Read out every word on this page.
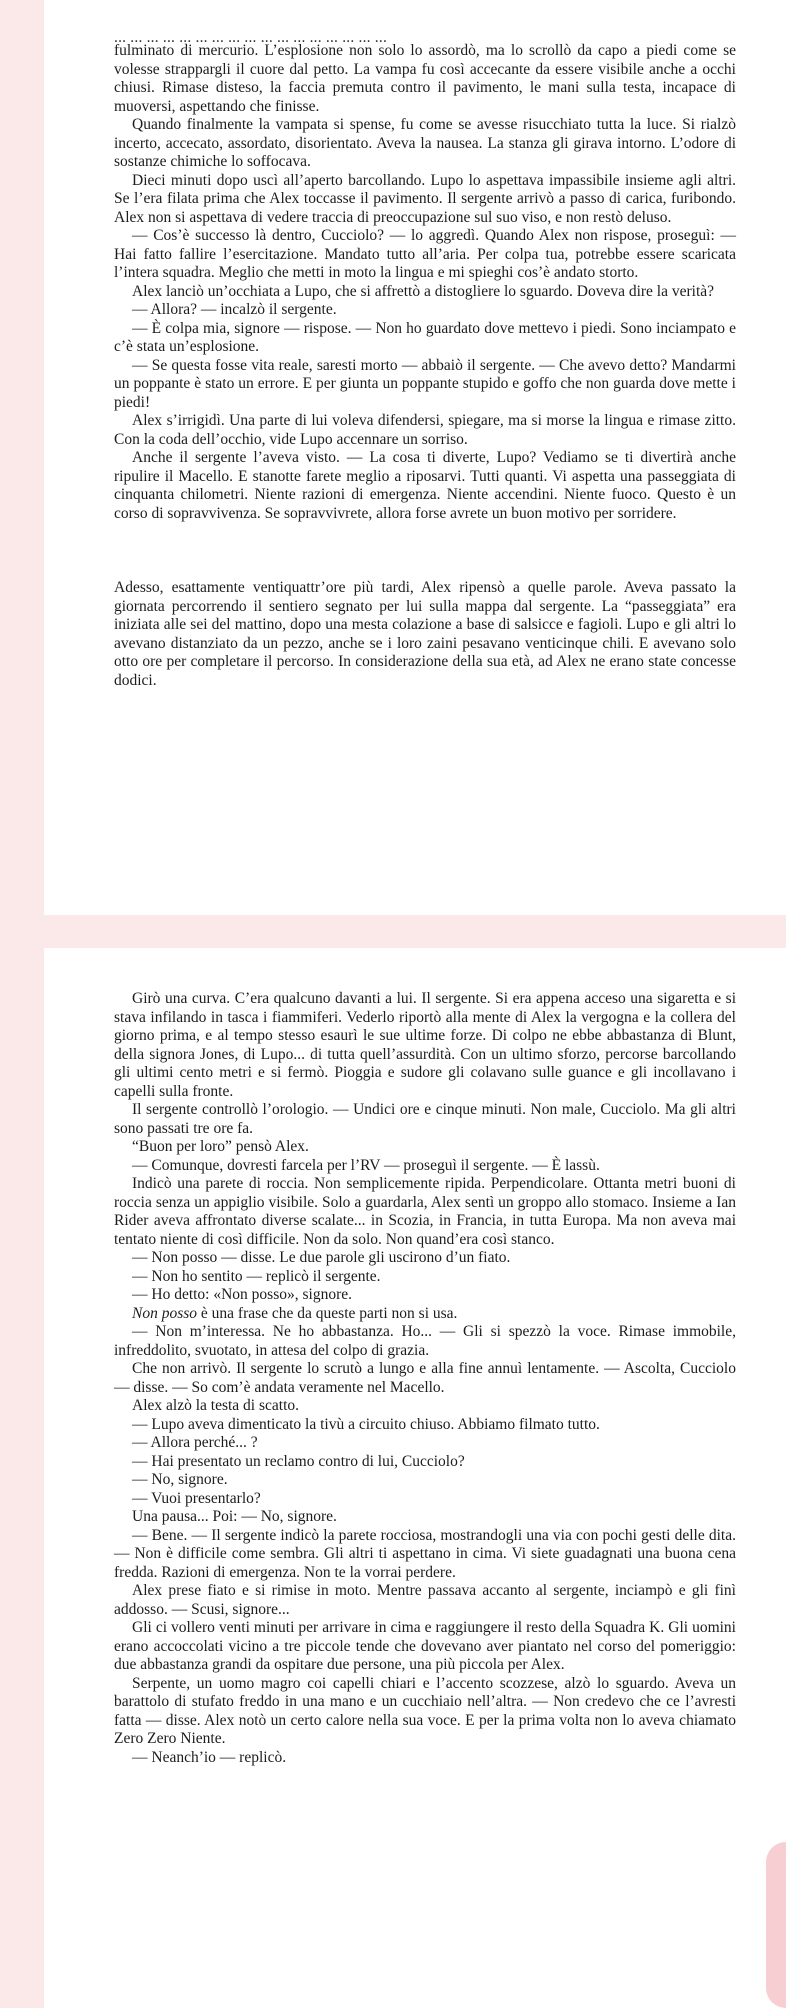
... ... ... ... ... ... ... ... ... ... ... ... ... ... ... ... ...

fulminato di mercurio. L’esplosione non solo lo assordò, ma lo scrollò da capo a piedi come se volesse strappargli il cuore dal petto. La vampa fu così accecante da essere visibile anche a occhi chiusi. Rimase disteso, la faccia premuta contro il pavimento, le mani sulla testa, incapace di muoversi, aspettando che finisse.

Quando finalmente la vampata si spense, fu come se avesse risucchiato tutta la luce. Si rialzò incerto, accecato, assordato, disorientato. Aveva la nausea. La stanza gli girava intorno. L’odore di sostanze chimiche lo soffocava.

Dieci minuti dopo uscì all’aperto barcollando. Lupo lo aspettava impassibile insieme agli altri. Se l’era filata prima che Alex toccasse il pavimento. Il sergente arrivò a passo di carica, furibondo. Alex non si aspettava di vedere traccia di preoccupazione sul suo viso, e non restò deluso.

— Cos’è successo là dentro, Cucciolo? — lo aggredì. Quando Alex non rispose, proseguì: — Hai fatto fallire l’esercitazione. Mandato tutto all’aria. Per colpa tua, potrebbe essere scaricata l’intera squadra. Meglio che metti in moto la lingua e mi spieghi cos’è andato storto.

Alex lanciò un’occhiata a Lupo, che si affrettò a distogliere lo sguardo. Doveva dire la verità?

— Allora? — incalzò il sergente.

— È colpa mia, signore — rispose. — Non ho guardato dove mettevo i piedi. Sono inciampato e c’è stata un’esplosione.

— Se questa fosse vita reale, saresti morto — abbaiò il sergente. — Che avevo detto? Mandarmi un poppante è stato un errore. E per giunta un poppante stupido e goffo che non guarda dove mette i piedi!

Alex s’irrigidì. Una parte di lui voleva difendersi, spiegare, ma si morse la lingua e rimase zitto. Con la coda dell’occhio, vide Lupo accennare un sorriso.

Anche il sergente l’aveva visto. — La cosa ti diverte, Lupo? Vediamo se ti divertirà anche ripulire il Macello. E stanotte farete meglio a riposarvi. Tutti quanti. Vi aspetta una passeggiata di cinquanta chilometri. Niente razioni di emergenza. Niente accendini. Niente fuoco. Questo è un corso di sopravvivenza. Se sopravvivrete, allora forse avrete un buon motivo per sorridere.

Adesso, esattamente ventiquattr’ore più tardi, Alex ripensò a quelle parole. Aveva passato la giornata percorrendo il sentiero segnato per lui sulla mappa dal sergente. La “passeggiata” era iniziata alle sei del mattino, dopo una mesta colazione a base di salsicce e fagioli. Lupo e gli altri lo avevano distanziato da un pezzo, anche se i loro zaini pesavano venticinque chili. E avevano solo otto ore per completare il percorso. In considerazione della sua età, ad Alex ne erano state concesse dodici.

Girò una curva. C’era qualcuno davanti a lui. Il sergente. Si era appena acceso una sigaretta e si stava infilando in tasca i fiammiferi. Vederlo riportò alla mente di Alex la vergogna e la collera del giorno prima, e al tempo stesso esaurì le sue ultime forze. Di colpo ne ebbe abbastanza di Blunt, della signora Jones, di Lupo... di tutta quell’assurdità. Con un ultimo sforzo, percorse barcollando gli ultimi cento metri e si fermò. Pioggia e sudore gli colavano sulle guance e gli incollavano i capelli sulla fronte.

Il sergente controllò l’orologio. — Undici ore e cinque minuti. Non male, Cucciolo. Ma gli altri sono passati tre ore fa.

“Buon per loro” pensò Alex.

— Comunque, dovresti farcela per l’RV — proseguì il sergente. — È lassù.

Indicò una parete di roccia. Non semplicemente ripida. Perpendicolare. Ottanta metri buoni di roccia senza un appiglio visibile. Solo a guardarla, Alex sentì un groppo allo stomaco. Insieme a Ian Rider aveva affrontato diverse scalate... in Scozia, in Francia, in tutta Europa. Ma non aveva mai tentato niente di così difficile. Non da solo. Non quand’era così stanco.

— Non posso — disse. Le due parole gli uscirono d’un fiato.

— Non ho sentito — replicò il sergente.

— Ho detto: «Non posso», signore.

Non posso è una frase che da queste parti non si usa.

— Non m’interessa. Ne ho abbastanza. Ho... — Gli si spezzò la voce. Rimase immobile, infreddolito, svuotato, in attesa del colpo di grazia.

Che non arrivò. Il sergente lo scrutò a lungo e alla fine annuì lentamente. — Ascolta, Cucciolo — disse. — So com’è andata veramente nel Macello.

Alex alzò la testa di scatto.

— Lupo aveva dimenticato la tivù a circuito chiuso. Abbiamo filmato tutto.

— Allora perché... ?

— Hai presentato un reclamo contro di lui, Cucciolo?

— No, signore.

— Vuoi presentarlo?

Una pausa... Poi: — No, signore.

— Bene. — Il sergente indicò la parete rocciosa, mostrandogli una via con pochi gesti delle dita. — Non è difficile come sembra. Gli altri ti aspettano in cima. Vi siete guadagnati una buona cena fredda. Razioni di emergenza. Non te la vorrai perdere.

Alex prese fiato e si rimise in moto. Mentre passava accanto al sergente, inciampò e gli finì addosso. — Scusi, signore...

Gli ci vollero venti minuti per arrivare in cima e raggiungere il resto della Squadra K. Gli uomini erano accoccolati vicino a tre piccole tende che dovevano aver piantato nel corso del pomeriggio: due abbastanza grandi da ospitare due persone, una più piccola per Alex.

Serpente, un uomo magro coi capelli chiari e l’accento scozzese, alzò lo sguardo. Aveva un barattolo di stufato freddo in una mano e un cucchiaio nell’altra. — Non credevo che ce l’avresti fatta — disse. Alex notò un certo calore nella sua voce. E per la prima volta non lo aveva chiamato Zero Zero Niente.

— Neanch’io — replicò.
